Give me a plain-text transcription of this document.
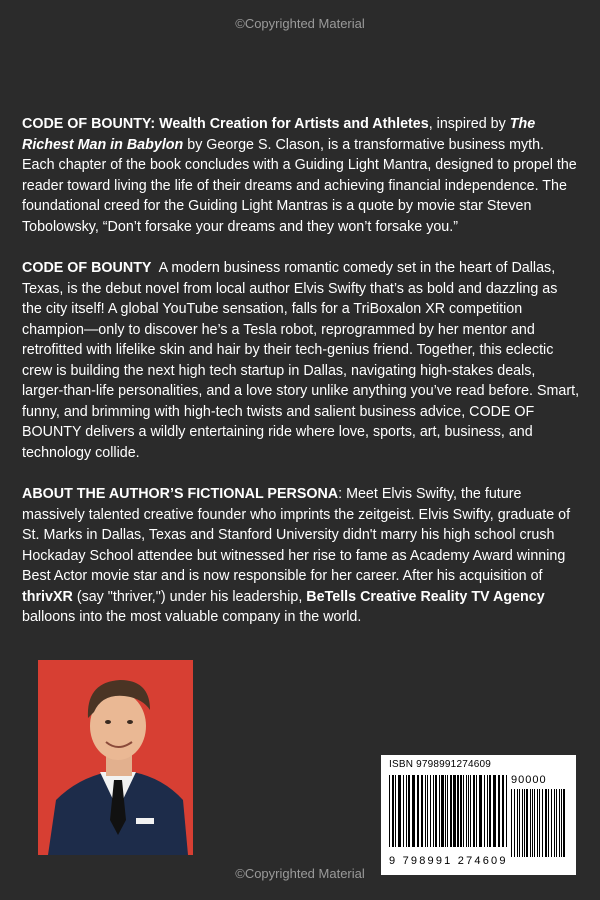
©Copyrighted Material

CODE OF BOUNTY: Wealth Creation for Artists and Athletes, inspired by The Richest Man in Babylon by George S. Clason, is a transformative business myth. Each chapter of the book concludes with a Guiding Light Mantra, designed to propel the reader toward living the life of their dreams and achieving financial independence. The foundational creed for the Guiding Light Mantras is a quote by movie star Steven Tobolowsky, “Don’t forsake your dreams and they won’t forsake you.”

CODE OF BOUNTY  A modern business romantic comedy set in the heart of Dallas, Texas, is the debut novel from local author Elvis Swifty that’s as bold and dazzling as the city itself! A global YouTube sensation, falls for a TriBoxalon XR competition champion—only to discover he’s a Tesla robot, reprogrammed by her mentor and retrofitted with lifelike skin and hair by their tech-genius friend. Together, this eclectic crew is building the next high tech startup in Dallas, navigating high-stakes deals, larger-than-life personalities, and a love story unlike anything you’ve read before. Smart, funny, and brimming with high-tech twists and salient business advice, CODE OF BOUNTY delivers a wildly entertaining ride where love, sports, art, business, and technology collide.

ABOUT THE AUTHOR’S FICTIONAL PERSONA: Meet Elvis Swifty, the future massively talented creative founder who imprints the zeitgeist. Elvis Swifty, graduate of St. Marks in Dallas, Texas and Stanford University didn't marry his high school crush Hockaday School attendee but witnessed her rise to fame as Academy Award winning Best Actor movie star and is now responsible for her career. After his acquisition of thrivXR (say "thriver,") under his leadership, BeTells Creative Reality TV Agency balloons into the most valuable company in the world.

ISBN 9798991274609
90000
9 798991 274609
©Copyrighted Material
